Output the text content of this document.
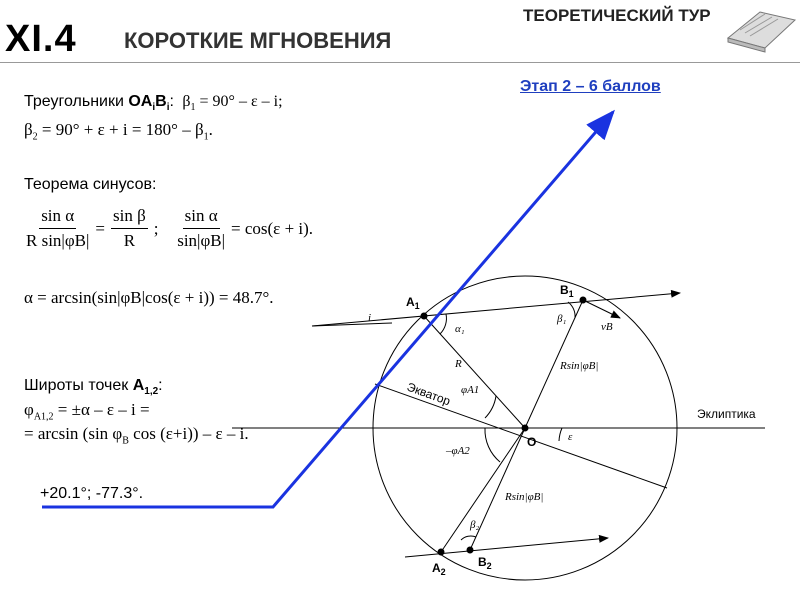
XI.4 КОРОТКИЕ МГНОВЕНИЯ
ТЕОРЕТИЧЕСКИЙ ТУР
Этап 2 – 6 баллов
Треугольники $OA_iB_i$: $\beta_1 = 90^\circ - \varepsilon - i$;
$\beta_2 = 90^\circ + \varepsilon + i = 180^\circ - \beta_1$.
Теорема синусов:
$\frac{\text{sin α}}{\text{R sin|φB|}} = \frac{\text{sin β}}{R}$ ; $\frac{\text{sin α}}{\sin|\varphi B|} = \cos(\varepsilon + i)$.
α = arcsin(sin|φB|cos(ε + i)) = 48.7°.
Широты точек $A_{1,2}$:
$\varphi_{A1,2} = \pm\alpha - \varepsilon - i$ =
= arcsin (sin $\varphi_B$ cos (ε+i)) – ε – i.
+20.1°; -77.3°.
$A_1$
$B_1$
$A_2$
$B_2$
O
Экватор
Эклиптика
i
ε
α₁
β₁
β₂
φA1
–φA2
R	Rsin|φB|
Rsin|φB|
vB
